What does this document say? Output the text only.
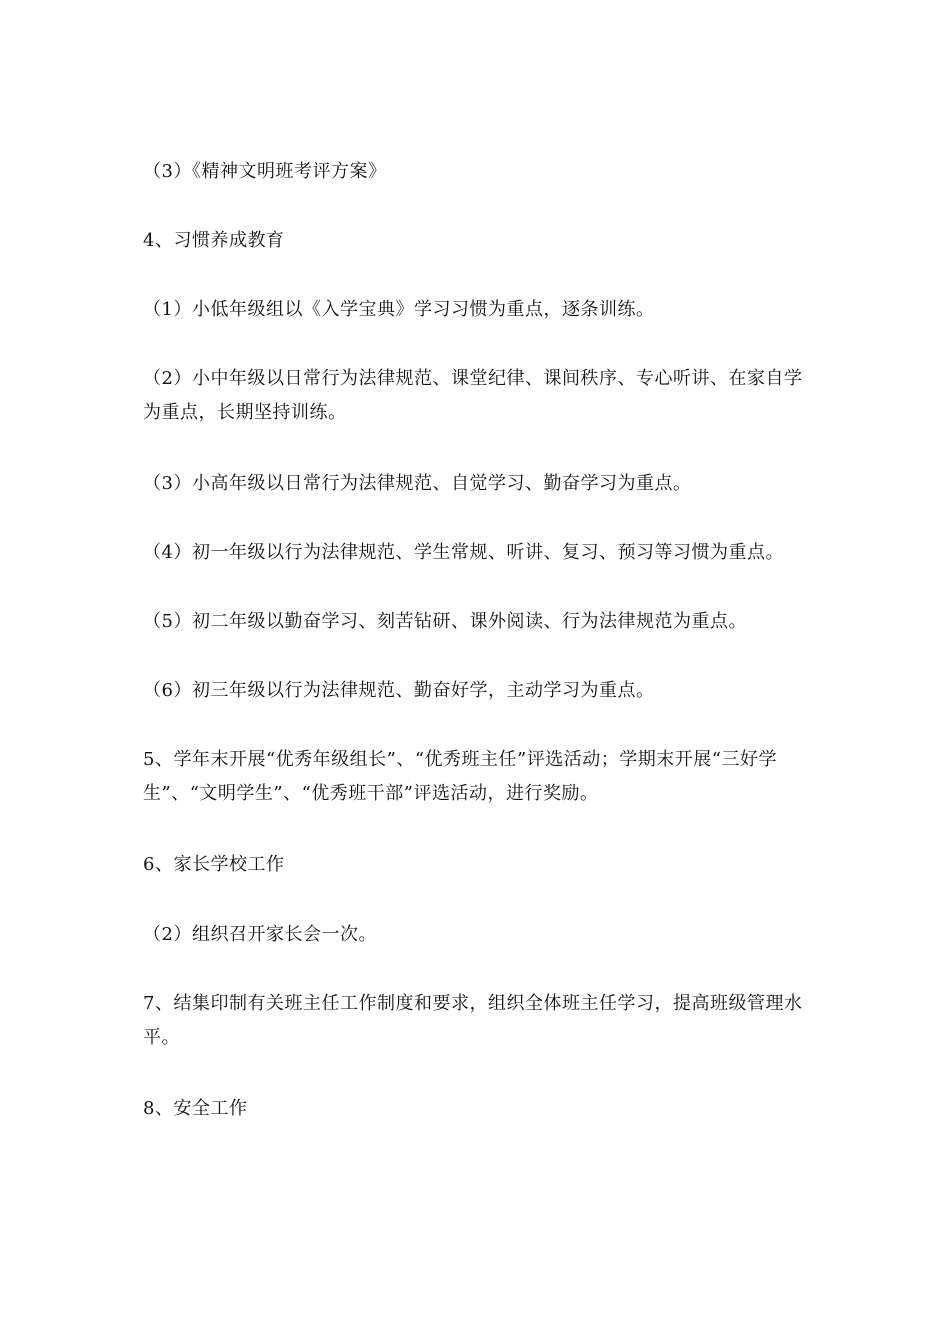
（3）《精神文明班考评方案》

4、习惯养成教育

（1）小低年级组以《入学宝典》学习习惯为重点，逐条训练。

（2）小中年级以日常行为法律规范、课堂纪律、课间秩序、专心听讲、在家自学为重点，长期坚持训练。

（3）小高年级以日常行为法律规范、自觉学习、勤奋学习为重点。

（4）初一年级以行为法律规范、学生常规、听讲、复习、预习等习惯为重点。

（5）初二年级以勤奋学习、刻苦钻研、课外阅读、行为法律规范为重点。

（6）初三年级以行为法律规范、勤奋好学，主动学习为重点。

5、学年末开展“优秀年级组长”、“优秀班主任”评选活动；学期末开展“三好学生”、“文明学生”、“优秀班干部”评选活动，进行奖励。

6、家长学校工作

（2）组织召开家长会一次。

7、结集印制有关班主任工作制度和要求，组织全体班主任学习，提高班级管理水平。

8、安全工作
